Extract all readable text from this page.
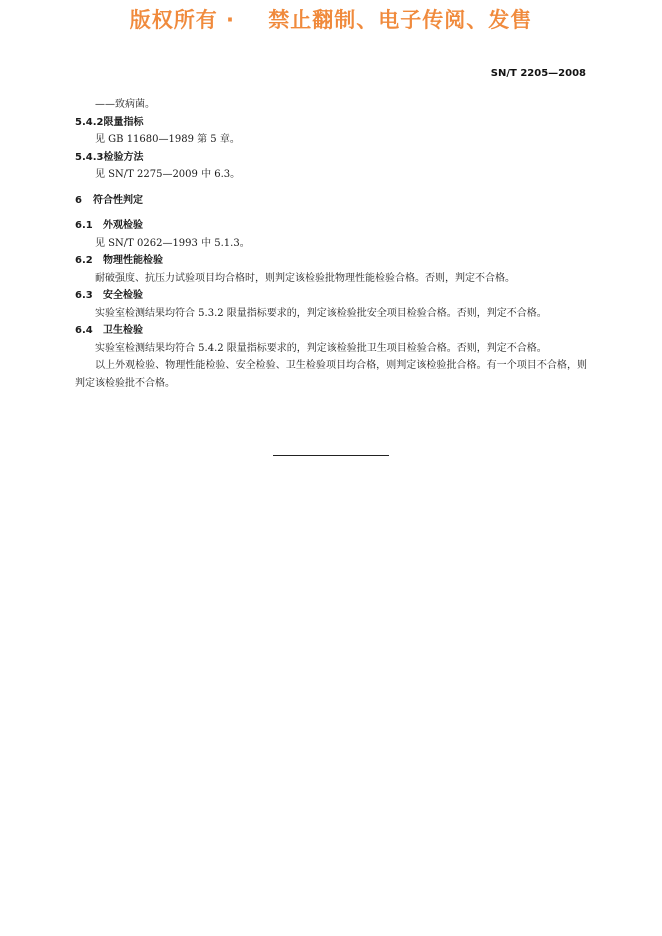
版权所有 ·    禁止翻制、电子传阅、发售
SN/T 2205—2008

——致病菌。

5.4.2限量指标

见 GB 11680—1989 第 5 章。

5.4.3检验方法

见 SN/T 2275—2009 中 6.3。

6 符合性判定

6.1 外观检验

见 SN/T 0262—1993 中 5.1.3。

6.2 物理性能检验

耐破强度、抗压力试验项目均合格时，则判定该检验批物理性能检验合格。否则，判定不合格。

6.3 安全检验

实验室检测结果均符合 5.3.2 限量指标要求的，判定该检验批安全项目检验合格。否则，判定不合格。

6.4 卫生检验

实验室检测结果均符合 5.4.2 限量指标要求的，判定该检验批卫生项目检验合格。否则，判定不合格。

以上外观检验、物理性能检验、安全检验、卫生检验项目均合格，则判定该检验批合格。有一个项目不合格，则判定该检验批不合格。
